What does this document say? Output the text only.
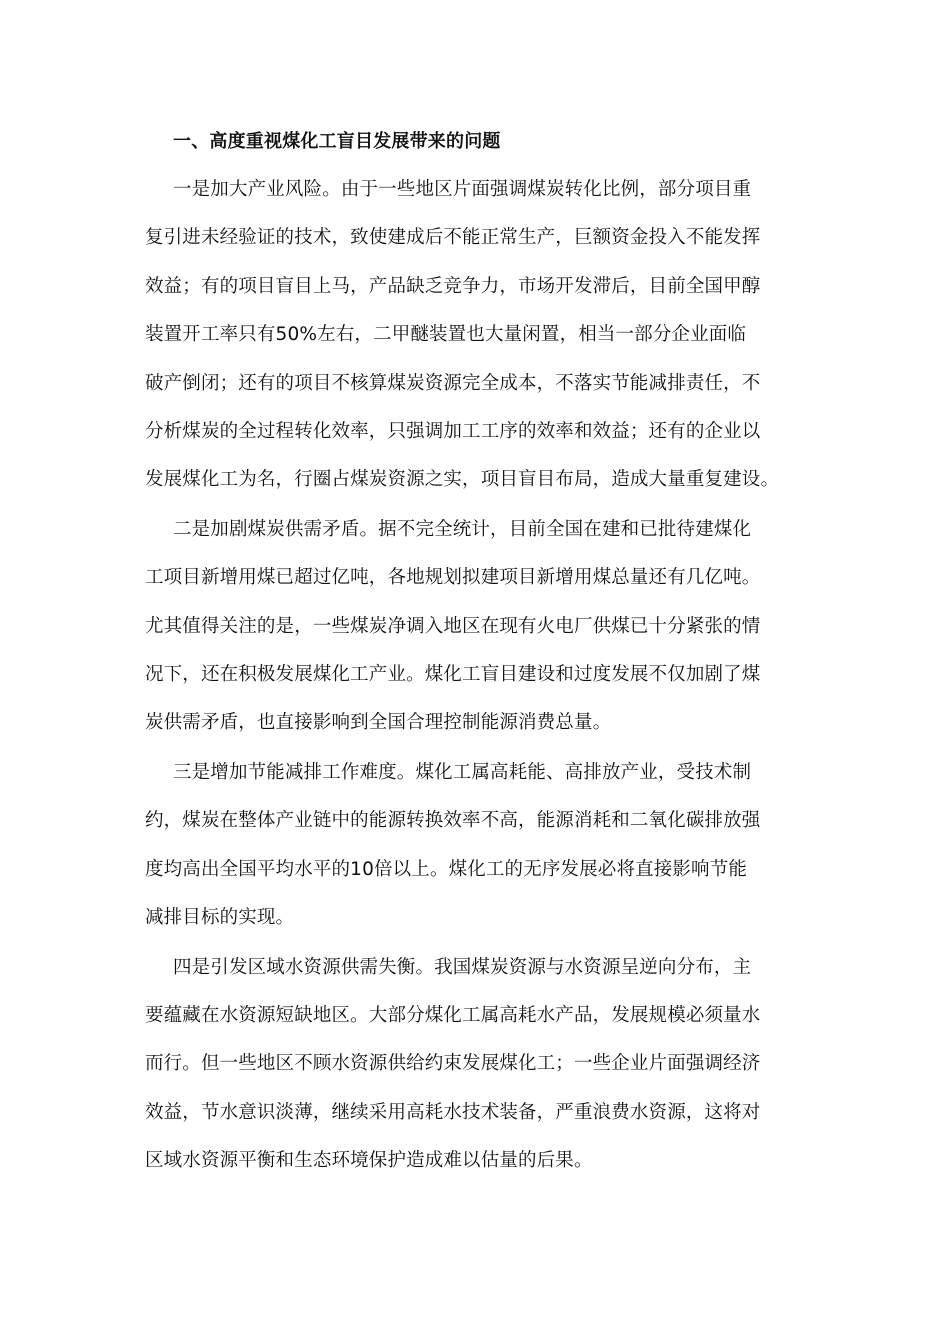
一、高度重视煤化工盲目发展带来的问题
一是加大产业风险。由于一些地区片面强调煤炭转化比例，部分项目重
复引进未经验证的技术，致使建成后不能正常生产，巨额资金投入不能发挥
效益；有的项目盲目上马，产品缺乏竞争力，市场开发滞后，目前全国甲醇
装置开工率只有50%左右，二甲醚装置也大量闲置，相当一部分企业面临
破产倒闭；还有的项目不核算煤炭资源完全成本，不落实节能减排责任，不
分析煤炭的全过程转化效率，只强调加工工序的效率和效益；还有的企业以
发展煤化工为名，行圈占煤炭资源之实，项目盲目布局，造成大量重复建设。
二是加剧煤炭供需矛盾。据不完全统计，目前全国在建和已批待建煤化
工项目新增用煤已超过亿吨，各地规划拟建项目新增用煤总量还有几亿吨。
尤其值得关注的是，一些煤炭净调入地区在现有火电厂供煤已十分紧张的情
况下，还在积极发展煤化工产业。煤化工盲目建设和过度发展不仅加剧了煤
炭供需矛盾，也直接影响到全国合理控制能源消费总量。
三是增加节能减排工作难度。煤化工属高耗能、高排放产业，受技术制
约，煤炭在整体产业链中的能源转换效率不高，能源消耗和二氧化碳排放强
度均高出全国平均水平的10倍以上。煤化工的无序发展必将直接影响节能
减排目标的实现。
四是引发区域水资源供需失衡。我国煤炭资源与水资源呈逆向分布，主
要蕴藏在水资源短缺地区。大部分煤化工属高耗水产品，发展规模必须量水
而行。但一些地区不顾水资源供给约束发展煤化工；一些企业片面强调经济
效益，节水意识淡薄，继续采用高耗水技术装备，严重浪费水资源，这将对
区域水资源平衡和生态环境保护造成难以估量的后果。
